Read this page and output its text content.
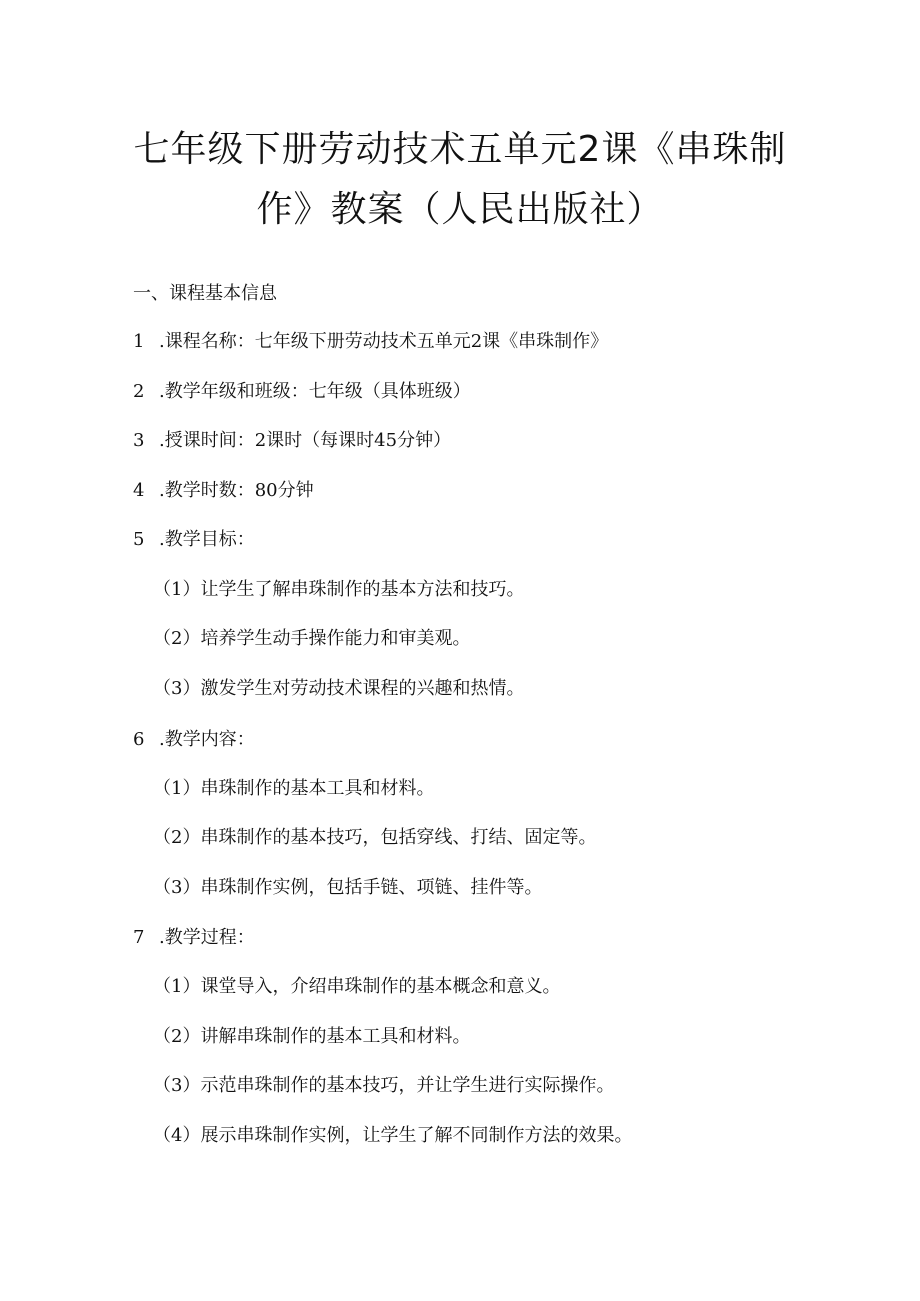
七年级下册劳动技术五单元2课《串珠制
作》教案（人民出版社）
一、课程基本信息
1 .课程名称：七年级下册劳动技术五单元2课《串珠制作》
2 .教学年级和班级：七年级（具体班级）
3 .授课时间：2课时（每课时45分钟）
4 .教学时数：80分钟
5 .教学目标：
（1）让学生了解串珠制作的基本方法和技巧。
（2）培养学生动手操作能力和审美观。
（3）激发学生对劳动技术课程的兴趣和热情。
6 .教学内容：
（1）串珠制作的基本工具和材料。
（2）串珠制作的基本技巧，包括穿线、打结、固定等。
（3）串珠制作实例，包括手链、项链、挂件等。
7 .教学过程：
（1）课堂导入，介绍串珠制作的基本概念和意义。
（2）讲解串珠制作的基本工具和材料。
（3）示范串珠制作的基本技巧，并让学生进行实际操作。
（4）展示串珠制作实例，让学生了解不同制作方法的效果。
